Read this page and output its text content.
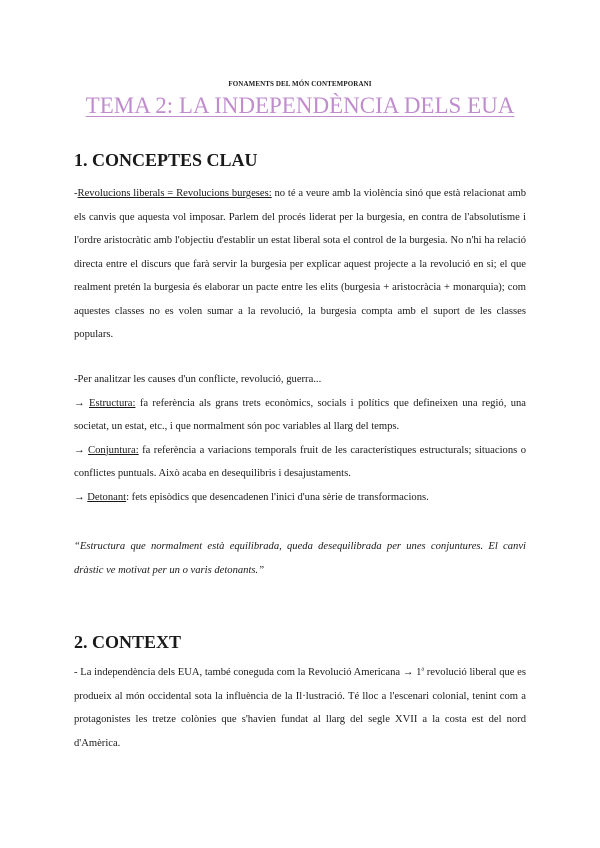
FONAMENTS DEL MÓN CONTEMPORANI
TEMA 2: LA INDEPENDÈNCIA DELS EUA
1. CONCEPTES CLAU
-Revolucions liberals = Revolucions burgeses: no té a veure amb la violència sinó que està relacionat amb els canvis que aquesta vol imposar. Parlem del procés liderat per la burgesia, en contra de l'absolutisme i l'ordre aristocràtic amb l'objectiu d'establir un estat liberal sota el control de la burgesia. No n'hi ha relació directa entre el discurs que farà servir la burgesia per explicar aquest projecte a la revolució en si; el que realment pretén la burgesia és elaborar un pacte entre les elits (burgesia + aristocràcia + monarquia); com aquestes classes no es volen sumar a la revolució, la burgesia compta amb el suport de les classes populars.
-Per analitzar les causes d'un conflicte, revolució, guerra...
→ Estructura: fa referència als grans trets econòmics, socials i polítics que defineixen una regió, una societat, un estat, etc., i que normalment són poc variables al llarg del temps.
→ Conjuntura: fa referència a variacions temporals fruit de les característiques estructurals; situacions o conflictes puntuals. Això acaba en desequilibris i desajustaments.
→ Detonant: fets episòdics que desencadenen l'inici d'una sèrie de transformacions.
“Estructura que normalment està equilibrada, queda desequilibrada per unes conjuntures. El canvi dràstic ve motivat per un o varis detonants.”
2. CONTEXT
- La independència dels EUA, també coneguda com la Revolució Americana → $1^a$ revolució liberal que es produeix al món occidental sota la influència de la Il·lustració. Té lloc a l'escenari colonial, tenint com a protagonistes les tretze colònies que s'havien fundat al llarg del segle XVII a la costa est del nord d'Amèrica.
